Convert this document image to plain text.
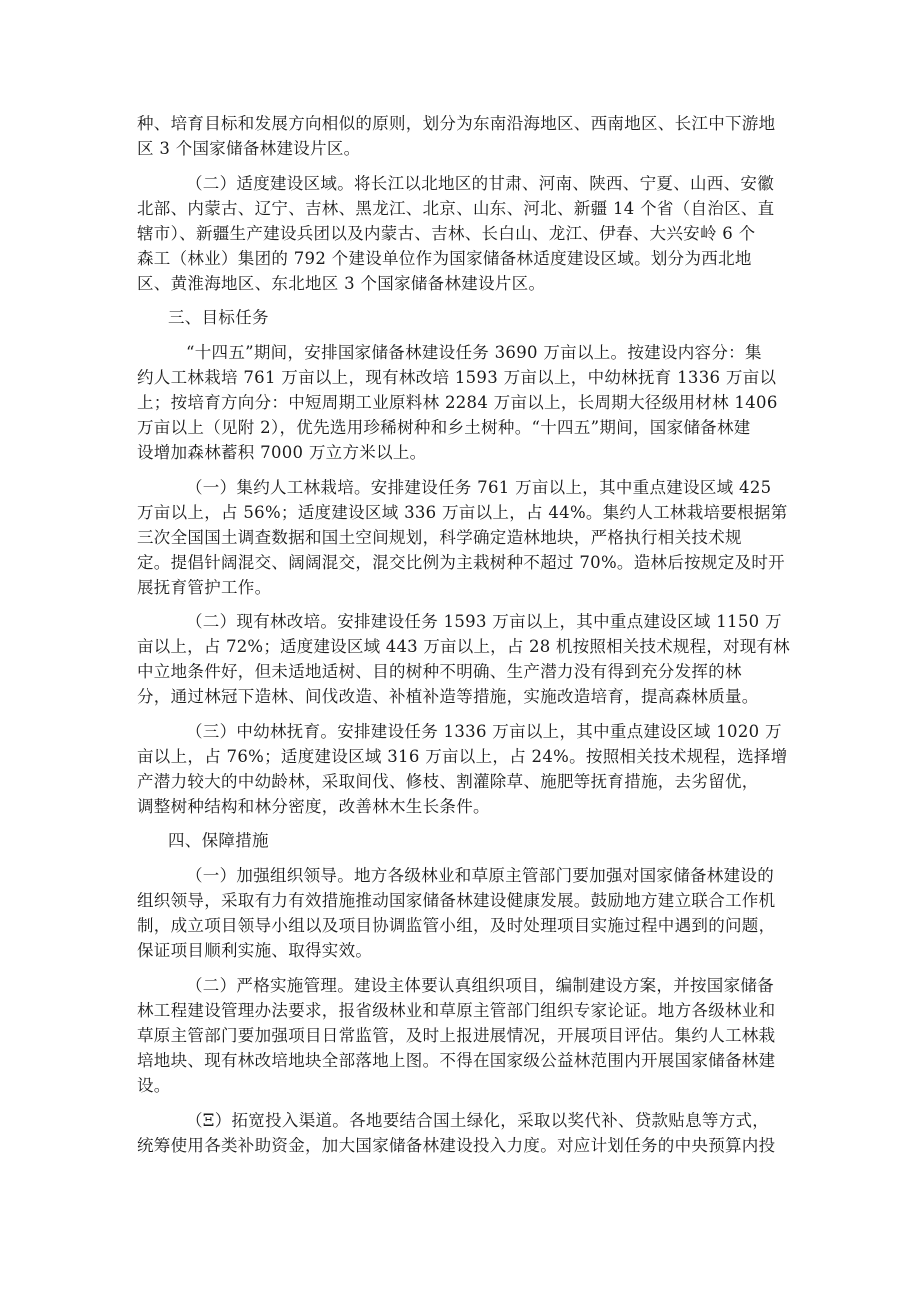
种、培育目标和发展方向相似的原则，划分为东南沿海地区、西南地区、长江中下游地
区 3 个国家储备林建设片区。
（二）适度建设区域。将长江以北地区的甘肃、河南、陕西、宁夏、山西、安徽
北部、内蒙古、辽宁、吉林、黑龙江、北京、山东、河北、新疆 14 个省（自治区、直
辖市）、新疆生产建设兵团以及内蒙古、吉林、长白山、龙江、伊春、大兴安岭 6 个
森工（林业）集团的 792 个建设单位作为国家储备林适度建设区域。划分为西北地
区、黄淮海地区、东北地区 3 个国家储备林建设片区。
三、目标任务
“十四五”期间，安排国家储备林建设任务 3690 万亩以上。按建设内容分：集
约人工林栽培 761 万亩以上，现有林改培 1593 万亩以上，中幼林抚育 1336 万亩以
上；按培育方向分：中短周期工业原料林 2284 万亩以上，长周期大径级用材林 1406
万亩以上（见附 2），优先选用珍稀树种和乡土树种。“十四五”期间，国家储备林建
设增加森林蓄积 7000 万立方米以上。
（一）集约人工林栽培。安排建设任务 761 万亩以上，其中重点建设区域 425
万亩以上，占 56%；适度建设区域 336 万亩以上，占 44%。集约人工林栽培要根据第
三次全国国土调查数据和国土空间规划，科学确定造林地块，严格执行相关技术规
定。提倡针阔混交、阔阔混交，混交比例为主栽树种不超过 70%。造林后按规定及时开
展抚育管护工作。
（二）现有林改培。安排建设任务 1593 万亩以上，其中重点建设区域 1150 万
亩以上，占 72%；适度建设区域 443 万亩以上，占 28 机按照相关技术规程，对现有林
中立地条件好，但未适地适树、目的树种不明确、生产潜力没有得到充分发挥的林
分，通过林冠下造林、间伐改造、补植补造等措施，实施改造培育，提高森林质量。
（三）中幼林抚育。安排建设任务 1336 万亩以上，其中重点建设区域 1020 万
亩以上，占 76%；适度建设区域 316 万亩以上，占 24%。按照相关技术规程，选择增
产潜力较大的中幼龄林，采取间伐、修枝、割灌除草、施肥等抚育措施，去劣留优，
调整树种结构和林分密度，改善林木生长条件。
四、保障措施
（一）加强组织领导。地方各级林业和草原主管部门要加强对国家储备林建设的
组织领导，采取有力有效措施推动国家储备林建设健康发展。鼓励地方建立联合工作机
制，成立项目领导小组以及项目协调监管小组，及时处理项目实施过程中遇到的问题，
保证项目顺利实施、取得实效。
（二）严格实施管理。建设主体要认真组织项目，编制建设方案，并按国家储备
林工程建设管理办法要求，报省级林业和草原主管部门组织专家论证。地方各级林业和
草原主管部门要加强项目日常监管，及时上报进展情况，开展项目评估。集约人工林栽
培地块、现有林改培地块全部落地上图。不得在国家级公益林范围内开展国家储备林建
设。
（Ξ）拓宽投入渠道。各地要结合国土绿化，采取以奖代补、贷款贴息等方式，
统筹使用各类补助资金，加大国家储备林建设投入力度。对应计划任务的中央预算内投
